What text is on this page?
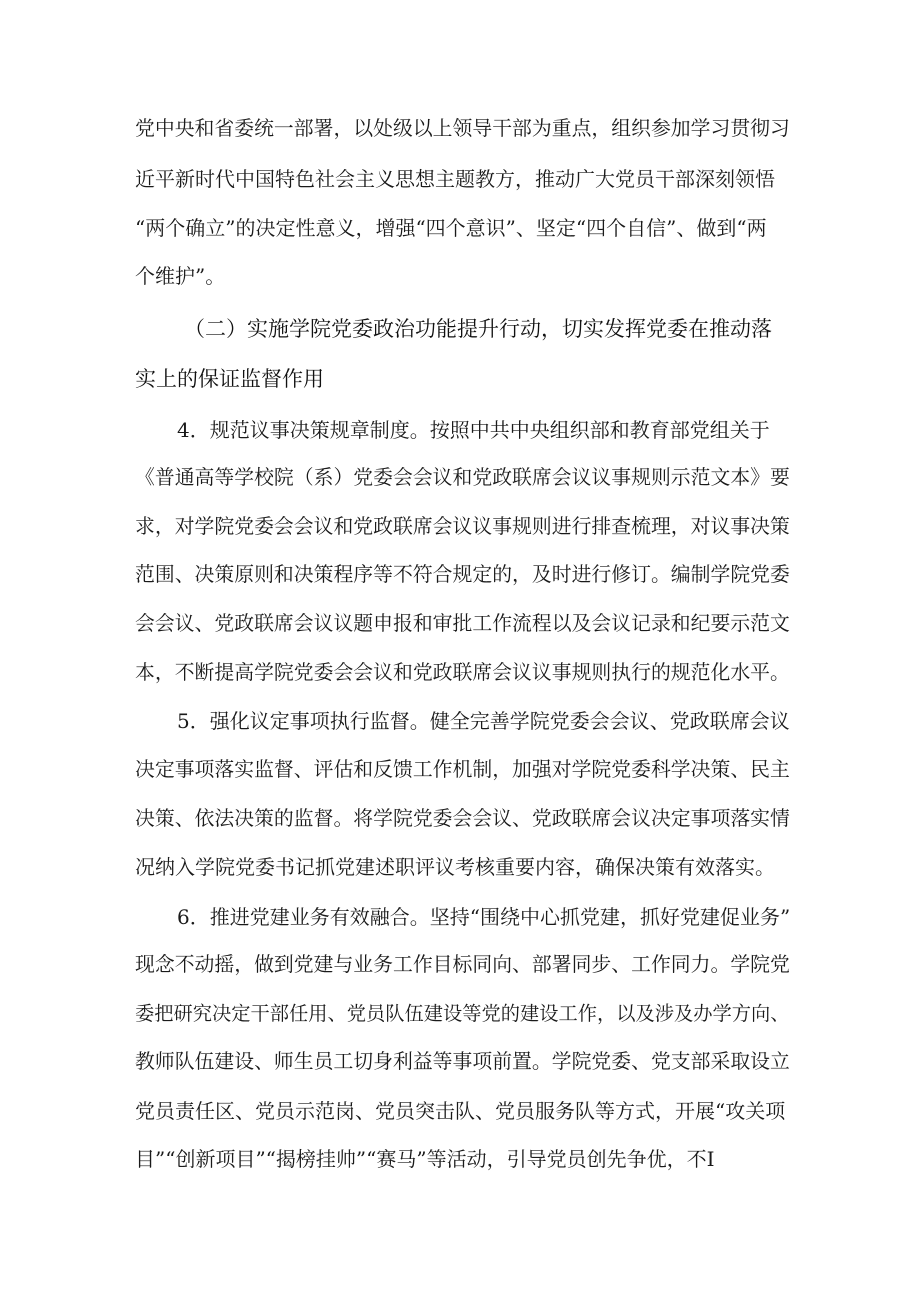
党中央和省委统一部署，以处级以上领导干部为重点，组织参加学习贯彻习
近平新时代中国特色社会主义思想主题教方，推动广大党员干部深刻领悟
“两个确立”的决定性意义，增强“四个意识”、坚定“四个自信”、做到“两
个维护”。
（二）实施学院党委政治功能提升行动，切实发挥党委在推动落
实上的保证监督作用
4．规范议事决策规章制度。按照中共中央组织部和教育部党组关于
《普通高等学校院（系）党委会会议和党政联席会议议事规则示范文本》要
求，对学院党委会会议和党政联席会议议事规则进行排查梳理，对议事决策
范围、决策原则和决策程序等不符合规定的，及时进行修订。编制学院党委
会会议、党政联席会议议题申报和审批工作流程以及会议记录和纪要示范文
本，不断提高学院党委会会议和党政联席会议议事规则执行的规范化水平。
5．强化议定事项执行监督。健全完善学院党委会会议、党政联席会议
决定事项落实监督、评估和反馈工作机制，加强对学院党委科学决策、民主
决策、依法决策的监督。将学院党委会会议、党政联席会议决定事项落实情
况纳入学院党委书记抓党建述职评议考核重要内容，确保决策有效落实。
6．推进党建业务有效融合。坚持“围绕中心抓党建，抓好党建促业务”
现念不动摇，做到党建与业务工作目标同向、部署同步、工作同力。学院党
委把研究决定干部任用、党员队伍建设等党的建设工作，以及涉及办学方向、
教师队伍建设、师生员工切身利益等事项前置。学院党委、党支部采取设立
党员责任区、党员示范岗、党员突击队、党员服务队等方式，开展“攻关项
目”“创新项目”“揭榜挂帅”“赛马”等活动，引导党员创先争优，不I
